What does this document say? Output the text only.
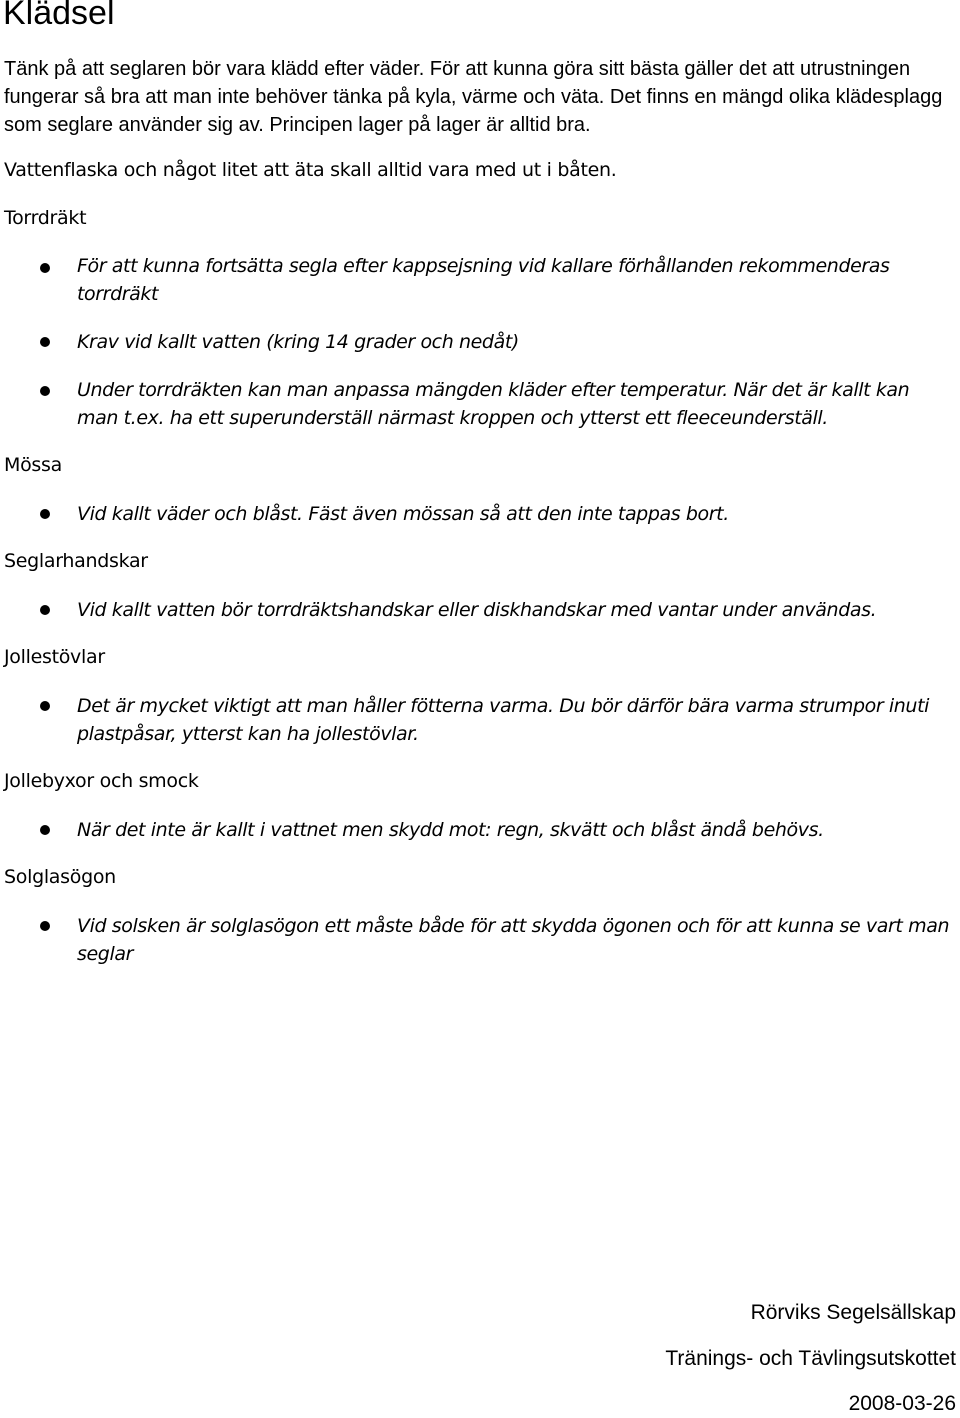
Klädsel

Tänk på att seglaren bör vara klädd efter väder. För att kunna göra sitt bästa gäller det att utrustningen fungerar så bra att man inte behöver tänka på kyla, värme och väta. Det finns en mängd olika klädesplagg som seglare använder sig av. Principen lager på lager är alltid bra.

Vattenflaska och något litet att äta skall alltid vara med ut i båten.

Torrdräkt

För att kunna fortsätta segla efter kappsejsning vid kallare förhållanden rekommenderas torrdräkt

Krav vid kallt vatten (kring 14 grader och nedåt)

Under torrdräkten kan man anpassa mängden kläder efter temperatur. När det är kallt kan man t.ex. ha ett superunderställ närmast kroppen och ytterst ett fleeceunderställ.

Mössa

Vid kallt väder och blåst. Fäst även mössan så att den inte tappas bort.

Seglarhandskar

Vid kallt vatten bör torrdräktshandskar eller diskhandskar med vantar under användas.

Jollestövlar

Det är mycket viktigt att man håller fötterna varma. Du bör därför bära varma strumpor inuti plastpåsar, ytterst kan ha jollestövlar.

Jollebyxor och smock

När det inte är kallt i vattnet men skydd mot: regn, skvätt och blåst ändå behövs.

Solglasögon

Vid solsken är solglasögon ett måste både för att skydda ögonen och för att kunna se vart man seglar

Rörviks Segelsällskap
Tränings- och Tävlingsutskottet
2008-03-26
